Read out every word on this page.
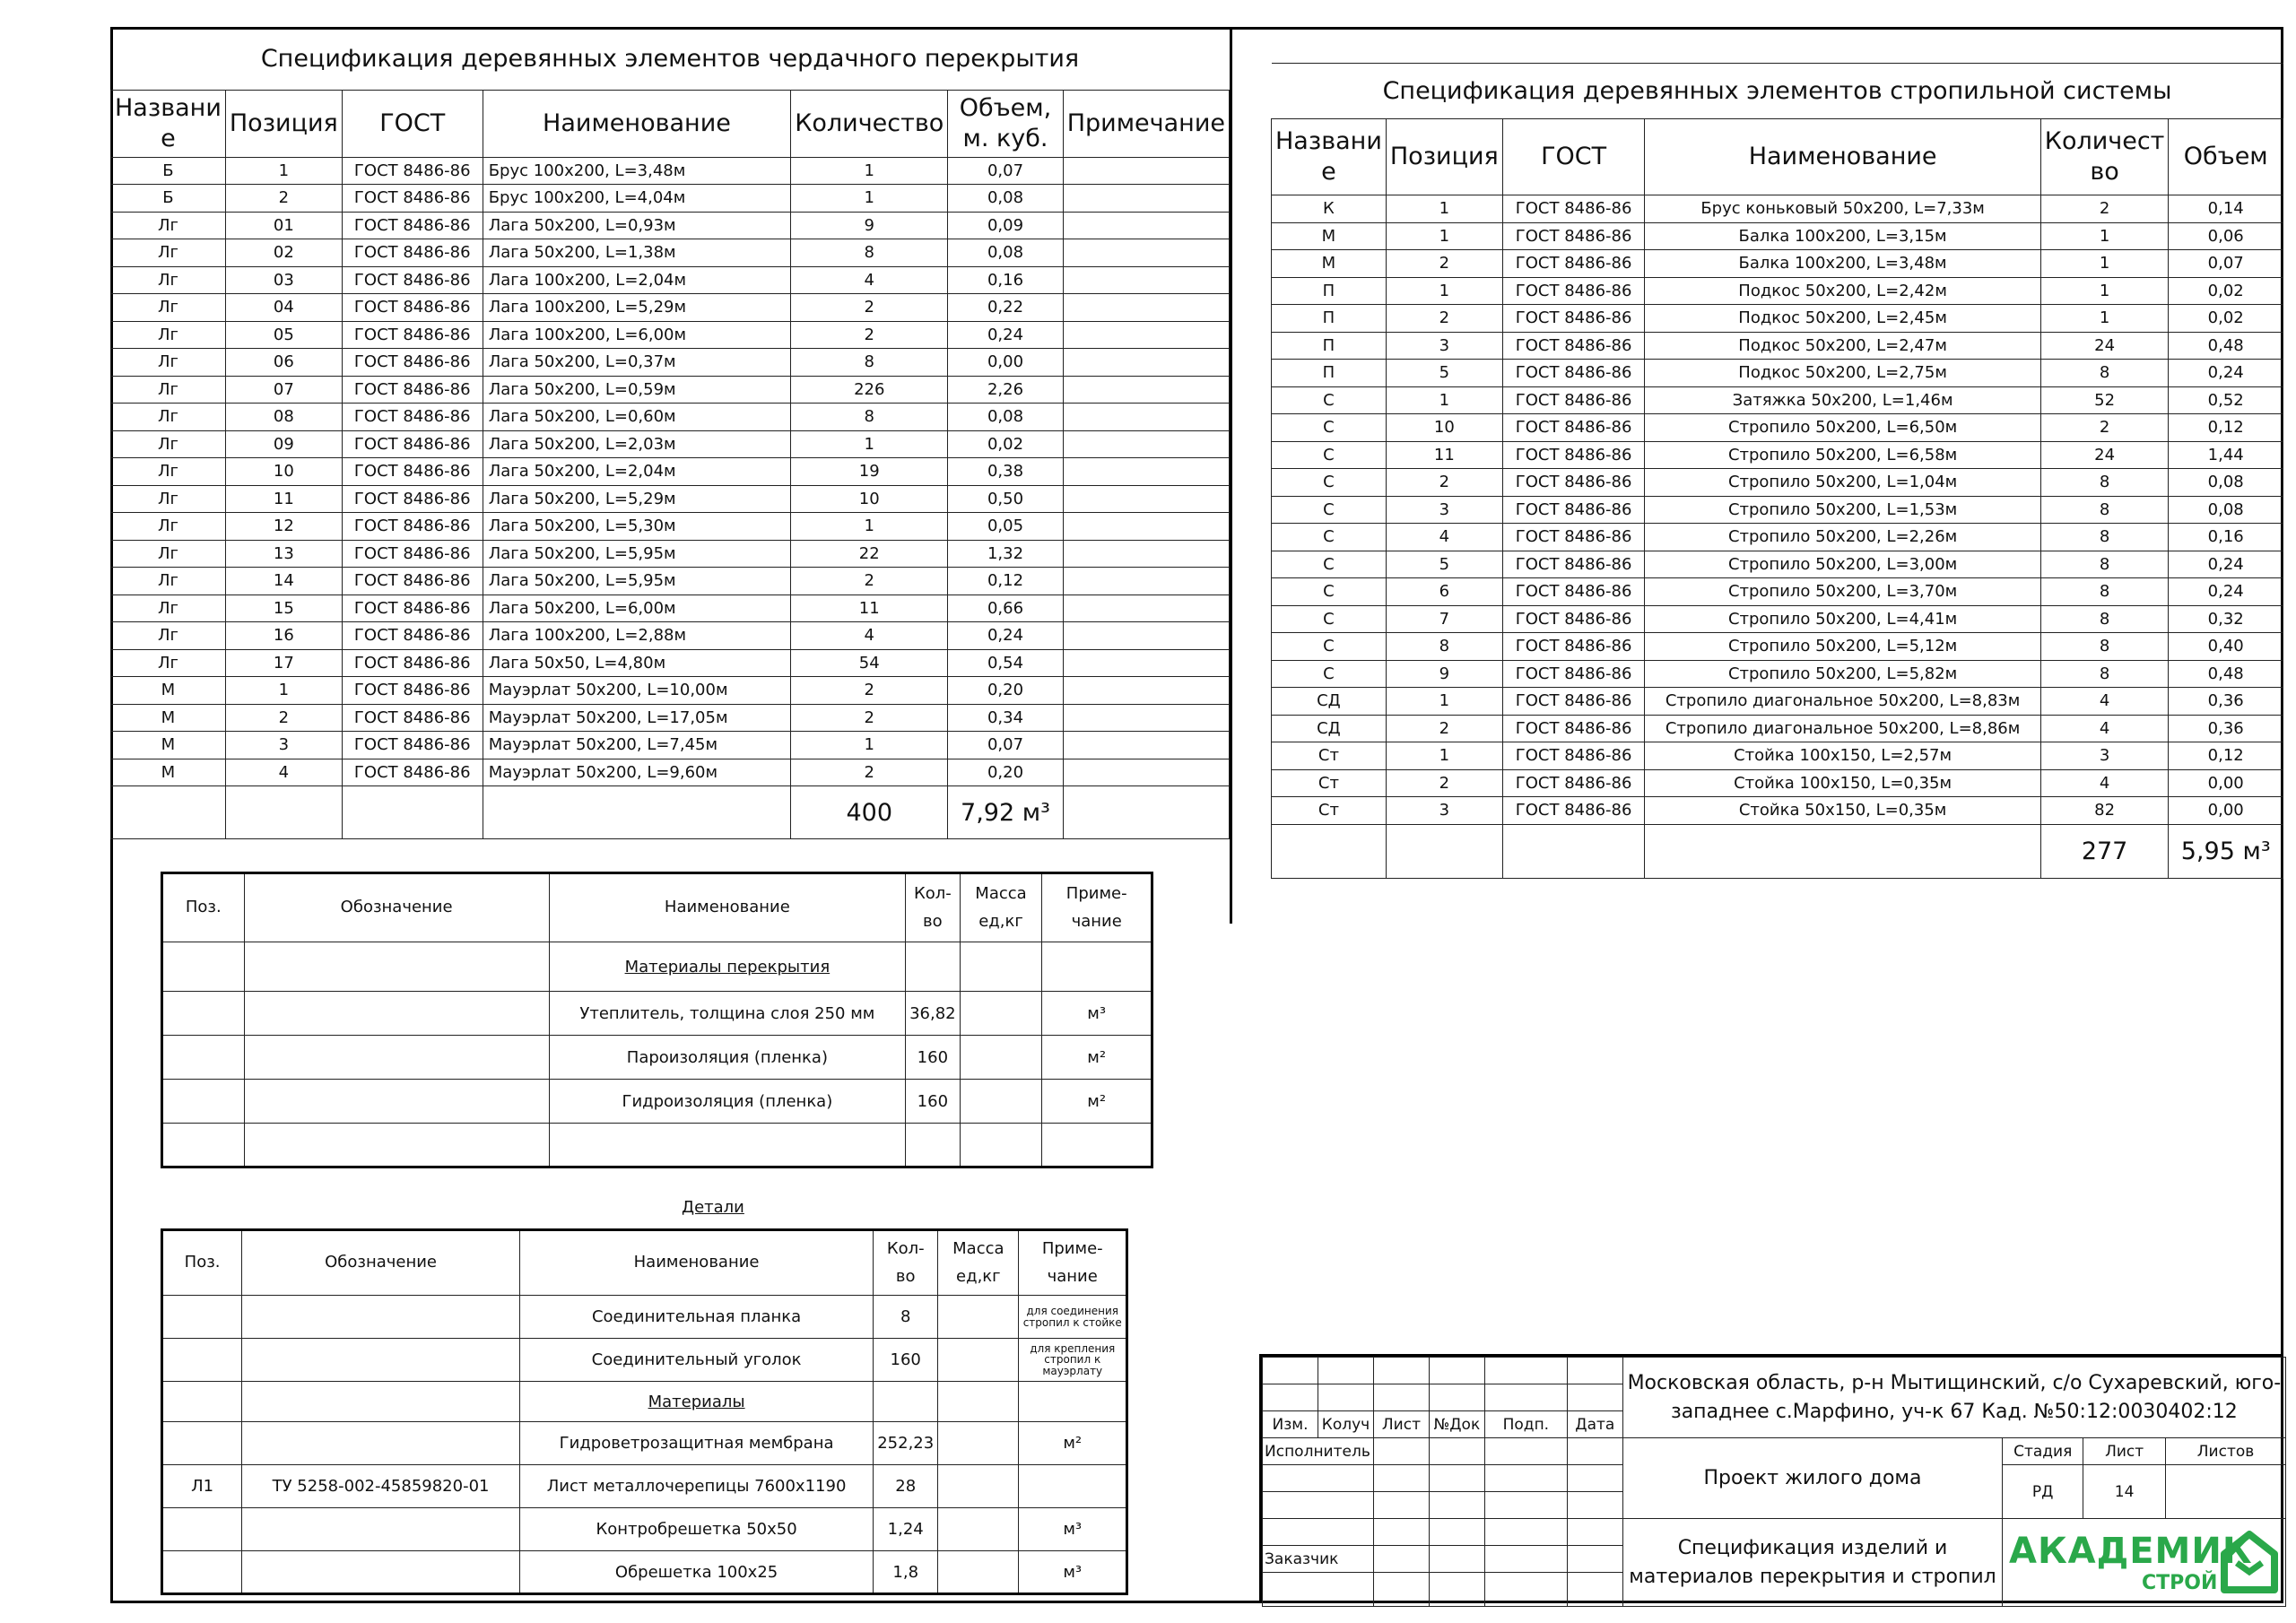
Спецификация деревянных элементов чердачного перекрытия						
Названи е	Позиция	ГОСТ	Наименование	Количество	Объем, м. куб.	Примечание
Б	1	ГОСТ 8486-86	Брус 100х200, L=3,48м	1	0,07	
Б	2	ГОСТ 8486-86	Брус 100х200, L=4,04м	1	0,08	
Лг	01	ГОСТ 8486-86	Лага 50х200, L=0,93м	9	0,09	
Лг	02	ГОСТ 8486-86	Лага 50х200, L=1,38м	8	0,08	
Лг	03	ГОСТ 8486-86	Лага 100х200, L=2,04м	4	0,16	
Лг	04	ГОСТ 8486-86	Лага 100х200, L=5,29м	2	0,22	
Лг	05	ГОСТ 8486-86	Лага 100х200, L=6,00м	2	0,24	
Лг	06	ГОСТ 8486-86	Лага 50х200, L=0,37м	8	0,00	
Лг	07	ГОСТ 8486-86	Лага 50х200, L=0,59м	226	2,26	
Лг	08	ГОСТ 8486-86	Лага 50х200, L=0,60м	8	0,08	
Лг	09	ГОСТ 8486-86	Лага 50х200, L=2,03м	1	0,02	
Лг	10	ГОСТ 8486-86	Лага 50х200, L=2,04м	19	0,38	
Лг	11	ГОСТ 8486-86	Лага 50х200, L=5,29м	10	0,50	
Лг	12	ГОСТ 8486-86	Лага 50х200, L=5,30м	1	0,05	
Лг	13	ГОСТ 8486-86	Лага 50х200, L=5,95м	22	1,32	
Лг	14	ГОСТ 8486-86	Лага 50х200, L=5,95м	2	0,12	
Лг	15	ГОСТ 8486-86	Лага 50х200, L=6,00м	11	0,66	
Лг	16	ГОСТ 8486-86	Лага 100х200, L=2,88м	4	0,24	
Лг	17	ГОСТ 8486-86	Лага 50х50, L=4,80м	54	0,54	
М	1	ГОСТ 8486-86	Мауэрлат 50х200, L=10,00м	2	0,20	
М	2	ГОСТ 8486-86	Мауэрлат 50х200, L=17,05м	2	0,34	
М	3	ГОСТ 8486-86	Мауэрлат 50х200, L=7,45м	1	0,07	
М	4	ГОСТ 8486-86	Мауэрлат 50х200, L=9,60м	2	0,20	
				400	7,92 м³	
Спецификация деревянных элементов стропильной системы					
Названи е	Позиция	ГОСТ	Наименование	Количест во	Объем
К	1	ГОСТ 8486-86	Брус коньковый 50х200, L=7,33м	2	0,14
М	1	ГОСТ 8486-86	Балка 100х200, L=3,15м	1	0,06
М	2	ГОСТ 8486-86	Балка 100х200, L=3,48м	1	0,07
П	1	ГОСТ 8486-86	Подкос 50х200, L=2,42м	1	0,02
П	2	ГОСТ 8486-86	Подкос 50х200, L=2,45м	1	0,02
П	3	ГОСТ 8486-86	Подкос 50х200, L=2,47м	24	0,48
П	5	ГОСТ 8486-86	Подкос 50х200, L=2,75м	8	0,24
С	1	ГОСТ 8486-86	Затяжка 50х200, L=1,46м	52	0,52
С	10	ГОСТ 8486-86	Стропило 50х200, L=6,50м	2	0,12
С	11	ГОСТ 8486-86	Стропило 50х200, L=6,58м	24	1,44
С	2	ГОСТ 8486-86	Стропило 50х200, L=1,04м	8	0,08
С	3	ГОСТ 8486-86	Стропило 50х200, L=1,53м	8	0,08
С	4	ГОСТ 8486-86	Стропило 50х200, L=2,26м	8	0,16
С	5	ГОСТ 8486-86	Стропило 50х200, L=3,00м	8	0,24
С	6	ГОСТ 8486-86	Стропило 50х200, L=3,70м	8	0,24
С	7	ГОСТ 8486-86	Стропило 50х200, L=4,41м	8	0,32
С	8	ГОСТ 8486-86	Стропило 50х200, L=5,12м	8	0,40
С	9	ГОСТ 8486-86	Стропило 50х200, L=5,82м	8	0,48
СД	1	ГОСТ 8486-86	Стропило диагональное 50х200, L=8,83м	4	0,36
СД	2	ГОСТ 8486-86	Стропило диагональное 50х200, L=8,86м	4	0,36
Ст	1	ГОСТ 8486-86	Стойка 100х150, L=2,57м	3	0,12
Ст	2	ГОСТ 8486-86	Стойка 100х150, L=0,35м	4	0,00
Ст	3	ГОСТ 8486-86	Стойка 50х150, L=0,35м	82	0,00
				277	5,95 м³
Поз.	Обозначение	Наименование	Кол- во	Масса ед,кг	Приме- чание
		Материалы перекрытия			
		Утеплитель, толщина слоя 250 мм	36,82		м³
		Пароизоляция (пленка)	160		м²
		Гидроизоляция (пленка)	160		м²

Детали
Поз.	Обозначение	Наименование	Кол- во	Масса ед,кг	Приме- чание
		Соединительная планка	8		для соединения стропил к стойке
		Соединительный уголок	160		для крепления стропил к мауэрлату
		Материалы			
		Гидроветрозащитная мембрана	252,23		м²
Л1	ТУ 5258-002-45859820-01	Лист металлочерепицы 7600х1190	28		
		Контробрешетка 50х50	1,24		м³
		Обрешетка 100х25	1,8		м³
						Московская область, р-н Мытищинский, с/о Сухаревский, юго-западнее с.Марфино, уч-к 67 Кад. №50:12:0030402:12			

Изм.	Колуч	Лист	№Док	Подп.	Дата				
Исполнитель						Проект жилого дома	Стадия	Лист	Листов
							РД	14	

						Спецификация изделий и материалов перекрытия и стропил	АКАДЕМИК
СТРОЙ		

Заказчик									
